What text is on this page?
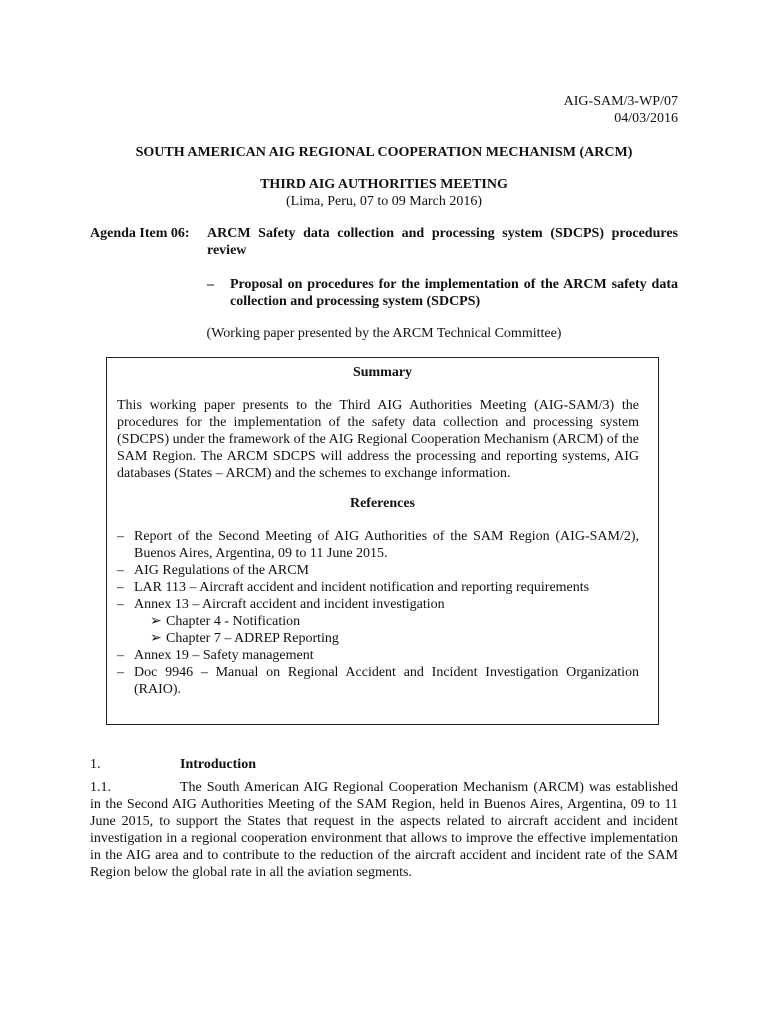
AIG-SAM/3-WP/07
04/03/2016
SOUTH AMERICAN AIG REGIONAL COOPERATION MECHANISM (ARCM)
THIRD AIG AUTHORITIES MEETING
(Lima, Peru, 07 to 09 March 2016)
Agenda Item 06: ARCM Safety data collection and processing system (SDCPS) procedures review
– Proposal on procedures for the implementation of the ARCM safety data collection and processing system (SDCPS)
(Working paper presented by the ARCM Technical Committee)
Summary
This working paper presents to the Third AIG Authorities Meeting (AIG-SAM/3) the procedures for the implementation of the safety data collection and processing system (SDCPS) under the framework of the AIG Regional Cooperation Mechanism (ARCM) of the SAM Region. The ARCM SDCPS will address the processing and reporting systems, AIG databases (States – ARCM) and the schemes to exchange information.
References
– Report of the Second Meeting of AIG Authorities of the SAM Region (AIG-SAM/2), Buenos Aires, Argentina, 09 to 11 June 2015.
– AIG Regulations of the ARCM
– LAR 113 – Aircraft accident and incident notification and reporting requirements
– Annex 13 – Aircraft accident and incident investigation
➢ Chapter 4 - Notification
➢ Chapter 7 – ADREP Reporting
– Annex 19 – Safety management
– Doc 9946 – Manual on Regional Accident and Incident Investigation Organization (RAIO).
1.	Introduction
1.1.	The South American AIG Regional Cooperation Mechanism (ARCM) was established in the Second AIG Authorities Meeting of the SAM Region, held in Buenos Aires, Argentina, 09 to 11 June 2015, to support the States that request in the aspects related to aircraft accident and incident investigation in a regional cooperation environment that allows to improve the effective implementation in the AIG area and to contribute to the reduction of the aircraft accident and incident rate of the SAM Region below the global rate in all the aviation segments.
